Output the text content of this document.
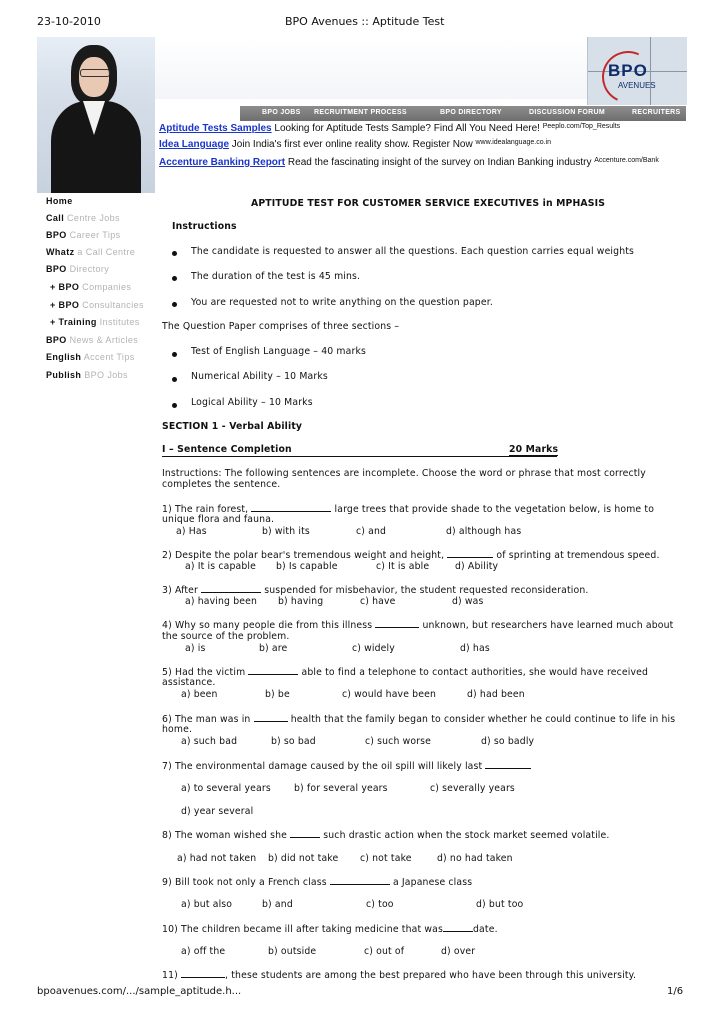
23-10-2010	BPO Avenues :: Aptitude Test
BPO
AVENUES
BPO JOBS RECRUITMENT PROCESS	BPO DIRECTORY	DISCUSSION FORUM	RECRUITERS
Aptitude Tests Samples Looking for Aptitude Tests Sample? Find All You Need Here! $^{Peeplo.com/Top\_Results}$
Idea Language Join India's first ever online reality show. Register Now $^{www.idealanguage.co.in}$
Accenture Banking Report Read the fascinating insight of the survey on Indian Banking industry $^{Accenture.com/Bank}$
Home
Call Centre Jobs
BPO Career Tips
Whatz a Call Centre
BPO Directory
+ BPO Companies
+ BPO Consultancies
+ Training Institutes
BPO News & Articles
English Accent Tips
Publish BPO Jobs
APTITUDE TEST FOR CUSTOMER SERVICE EXECUTIVES in MPHASIS
Instructions
The candidate is requested to answer all the questions. Each question carries equal weights
The duration of the test is 45 mins.
You are requested not to write anything on the question paper.
The Question Paper comprises of three sections –
Test of English Language – 40 marks
Numerical Ability – 10 Marks
Logical Ability – 10 Marks
SECTION 1 - Verbal Ability
I – Sentence Completion	20 Marks
Instructions: The following sentences are incomplete. Choose the word or phrase that most correctly
completes the sentence.
1) The rain forest,	large trees that provide shade to the vegetation below, is home to
unique flora and fauna.
a) Has	b) with its	c) and	d) although has
2) Despite the polar bear's tremendous weight and height,	of sprinting at tremendous speed.
a) It is capable b) Is capable	c) It is able	d) Ability
3) After	suspended for misbehavior, the student requested reconsideration.
a) having been b) having	c) have	d) was
4) Why so many people die from this illness	unknown, but researchers have learned much about
the source of the problem.
a) is	b) are	c) widely	d) has
5) Had the victim	able to find a telephone to contact authorities, she would have received
assistance.
a) been	b) be	c) would have been	d) had been
6) The man was in	health that the family began to consider whether he could continue to life in his
home.
a) such bad	b) so bad	c) such worse	d) so badly
7) The environmental damage caused by the oil spill will likely last
a) to several years b) for several years	c) severally years
d) year several
8) The woman wished she	such drastic action when the stock market seemed volatile.
a) had not taken b) did not take c) not take	d) no had taken
9) Bill took not only a French class	a Japanese class
a) but also	b) and	c) too	d) but too
10) The children became ill after taking medicine that was	date.
a) off the	b) outside	c) out of	d) over
11)	, these students are among the best prepared who have been through this university.
bpoavenues.com/.../sample_aptitude.h...	1/6
